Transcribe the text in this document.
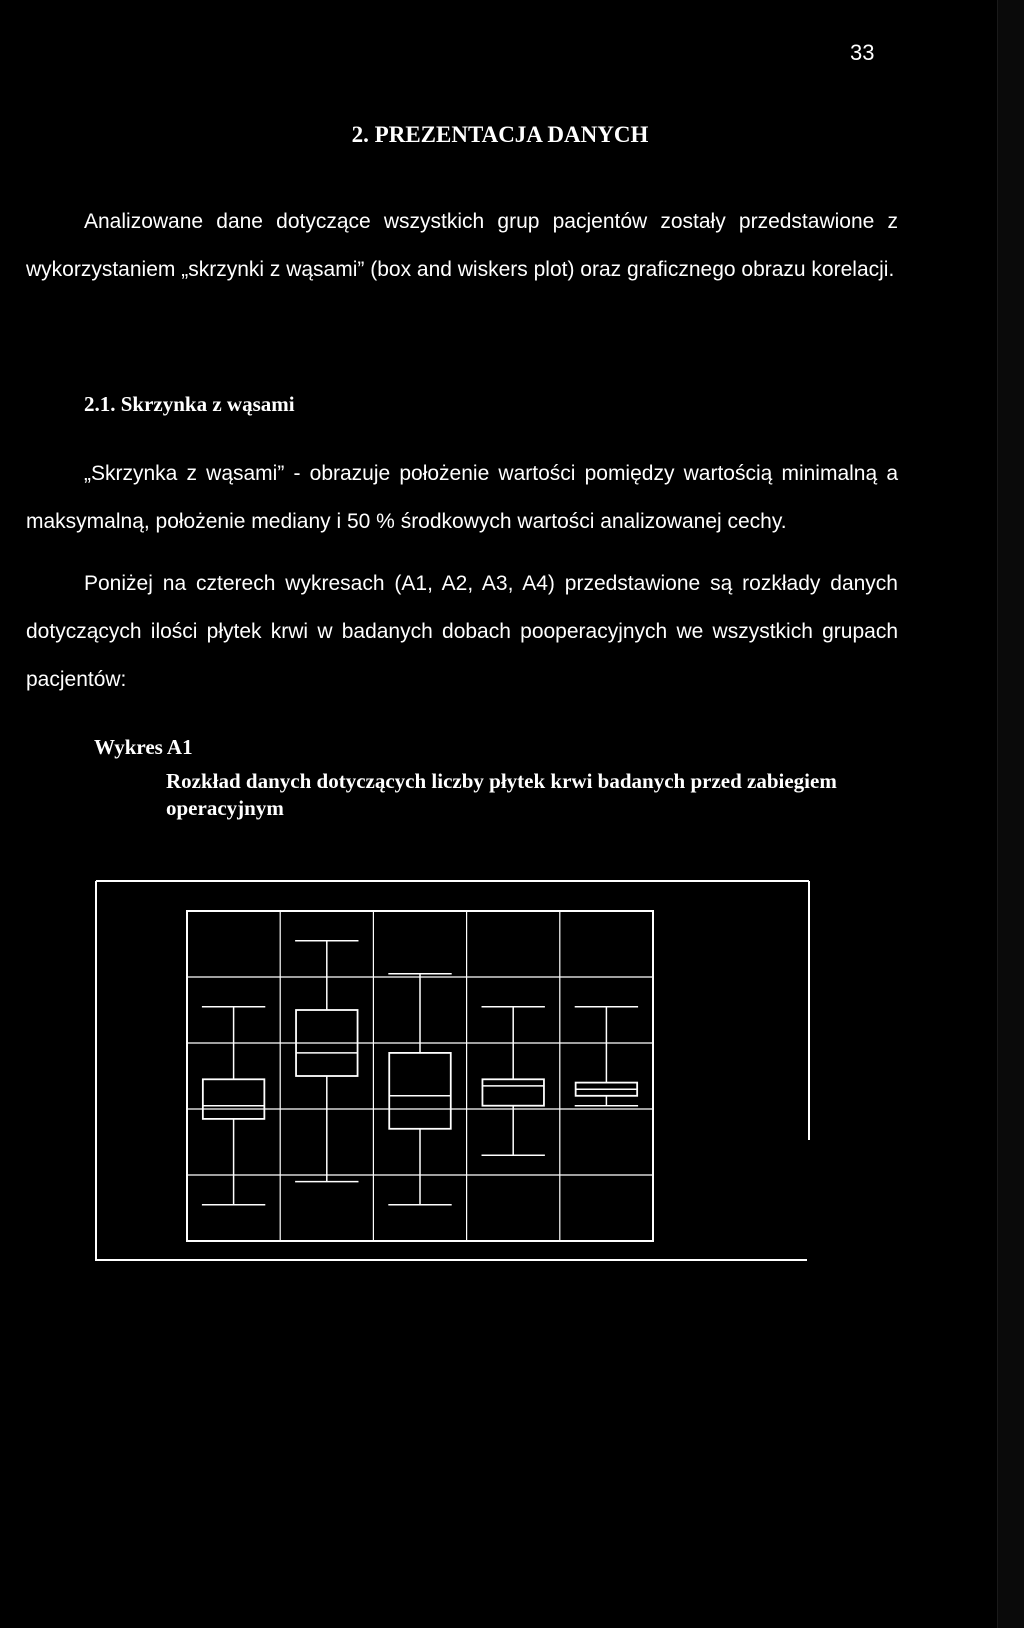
33
2. PREZENTACJA DANYCH
Analizowane dane dotyczące wszystkich grup pacjentów zostały przedstawione z wykorzystaniem „skrzynki z wąsami” (box and wiskers plot) oraz graficznego obrazu korelacji.
2.1. Skrzynka z wąsami
„Skrzynka z wąsami” - obrazuje położenie wartości pomiędzy wartością minimalną a maksymalną, położenie mediany i 50 % środkowych wartości analizowanej cechy.
Poniżej na czterech wykresach (A1, A2, A3, A4) przedstawione są rozkłady danych dotyczących ilości płytek krwi w badanych dobach pooperacyjnych we wszystkich grupach pacjentów:
Wykres A1
Rozkład danych dotyczących liczby płytek krwi badanych przed zabiegiem operacyjnym
